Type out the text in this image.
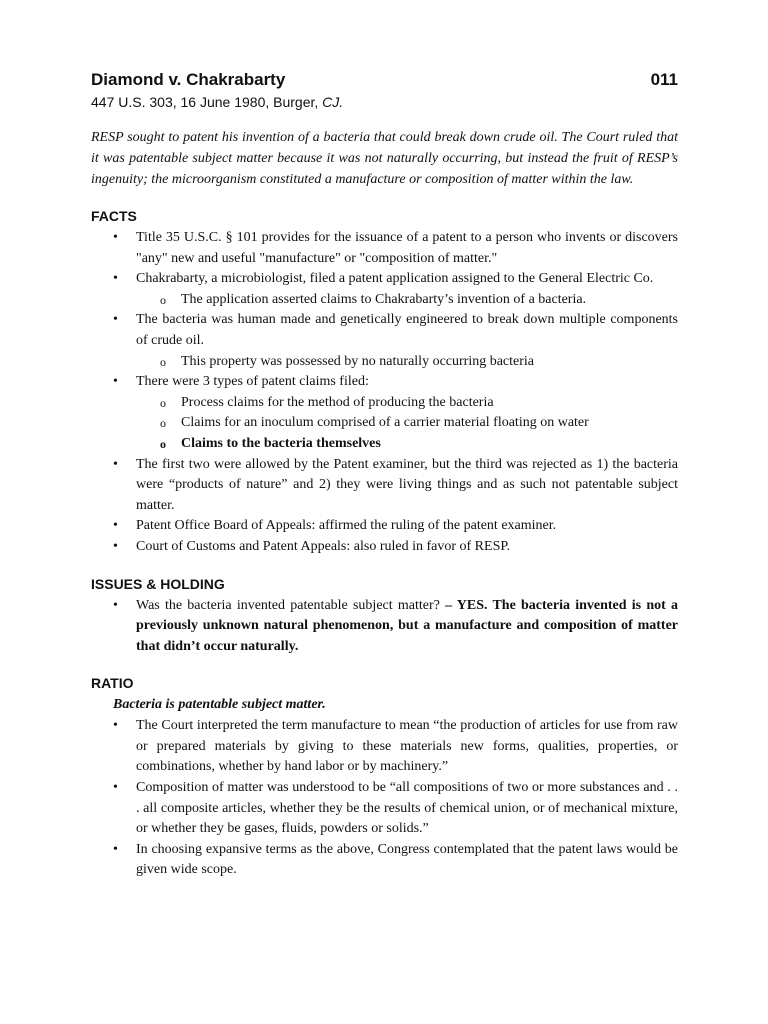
Diamond v. Chakrabarty	011
447 U.S. 303, 16 June 1980, Burger, CJ.

RESP sought to patent his invention of a bacteria that could break down crude oil. The Court ruled that it was patentable subject matter because it was not naturally occurring, but instead the fruit of RESP’s ingenuity; the microorganism constituted a manufacture or composition of matter within the law.

FACTS
• Title 35 U.S.C. § 101 provides for the issuance of a patent to a person who invents or discovers "any" new and useful "manufacture" or "composition of matter."
• Chakrabarty, a microbiologist, filed a patent application assigned to the General Electric Co.
o The application asserted claims to Chakrabarty’s invention of a bacteria.
• The bacteria was human made and genetically engineered to break down multiple components of crude oil.
o This property was possessed by no naturally occurring bacteria
• There were 3 types of patent claims filed:
o Process claims for the method of producing the bacteria
o Claims for an inoculum comprised of a carrier material floating on water
o Claims to the bacteria themselves
• The first two were allowed by the Patent examiner, but the third was rejected as 1) the bacteria were “products of nature” and 2) they were living things and as such not patentable subject matter.
• Patent Office Board of Appeals: affirmed the ruling of the patent examiner.
• Court of Customs and Patent Appeals: also ruled in favor of RESP.
ISSUES & HOLDING
• Was the bacteria invented patentable subject matter? – YES. The bacteria invented is not a previously unknown natural phenomenon, but a manufacture and composition of matter that didn’t occur naturally.
RATIO
Bacteria is patentable subject matter.
• The Court interpreted the term manufacture to mean “the production of articles for use from raw or prepared materials by giving to these materials new forms, qualities, properties, or combinations, whether by hand labor or by machinery.”
• Composition of matter was understood to be “all compositions of two or more substances and . . . all composite articles, whether they be the results of chemical union, or of mechanical mixture, or whether they be gases, fluids, powders or solids.”
• In choosing expansive terms as the above, Congress contemplated that the patent laws would be given wide scope.
